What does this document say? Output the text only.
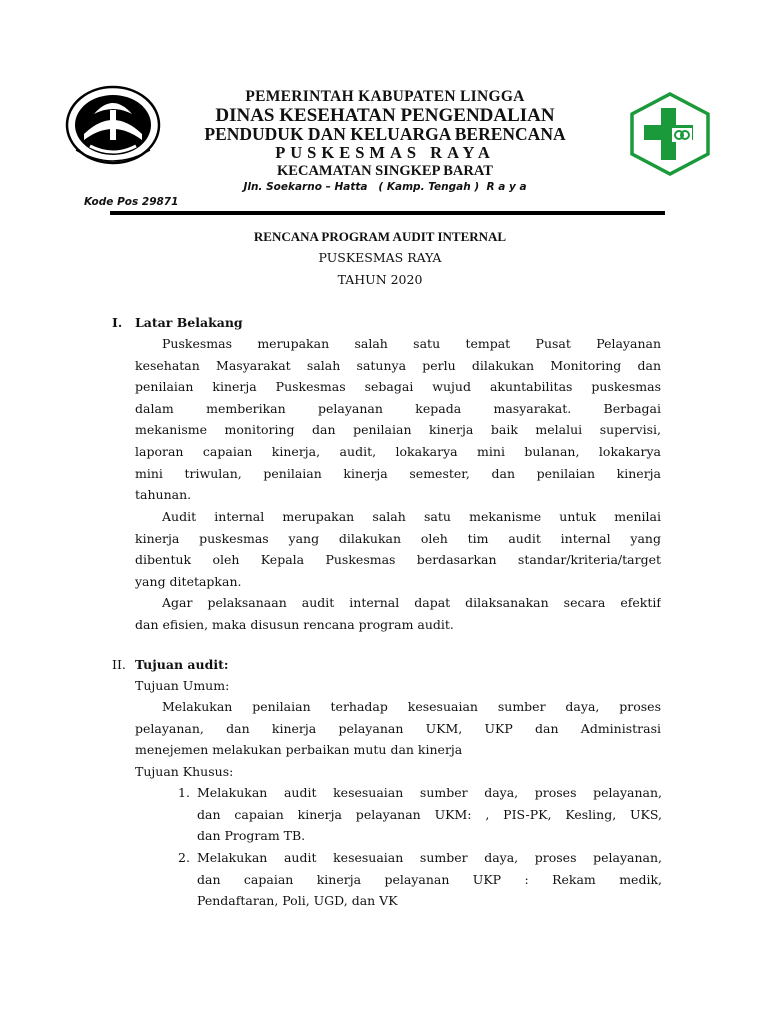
PEMERINTAH KABUPATEN LINGGA
DINAS KESEHATAN PENGENDALIAN
PENDUDUK DAN KELUARGA BERENCANA
PUSKESMAS RAYA
KECAMATAN SINGKEP BARAT
Jln. Soekarno – Hatta   ( Kamp. Tengah )  R a y a
Kode Pos 29871
RENCANA PROGRAM AUDIT INTERNAL
PUSKESMAS RAYA
TAHUN 2020
I. Latar Belakang
Puskesmas merupakan salah satu tempat Pusat Pelayanan
kesehatan Masyarakat salah satunya perlu dilakukan Monitoring dan
penilaian kinerja Puskesmas sebagai wujud akuntabilitas puskesmas
dalam memberikan pelayanan kepada masyarakat. Berbagai
mekanisme monitoring dan penilaian kinerja baik melalui supervisi,
laporan capaian kinerja, audit, lokakarya mini bulanan, lokakarya
mini triwulan, penilaian kinerja semester, dan penilaian kinerja
tahunan.
Audit internal merupakan salah satu mekanisme untuk menilai
kinerja puskesmas yang dilakukan oleh tim audit internal yang
dibentuk oleh Kepala Puskesmas berdasarkan standar/kriteria/target
yang ditetapkan.
Agar pelaksanaan audit internal dapat dilaksanakan secara efektif
dan efisien, maka disusun rencana program audit.
II. Tujuan audit:
Tujuan Umum:
Melakukan penilaian terhadap kesesuaian sumber daya, proses
pelayanan, dan kinerja pelayanan UKM, UKP dan Administrasi
menejemen melakukan perbaikan mutu dan kinerja
Tujuan Khusus:
1. Melakukan audit kesesuaian sumber daya, proses pelayanan,
dan capaian kinerja pelayanan UKM: , PIS-PK, Kesling, UKS,
dan Program TB.
2. Melakukan audit kesesuaian sumber daya, proses pelayanan,
dan capaian kinerja pelayanan UKP : Rekam medik,
Pendaftaran, Poli, UGD, dan VK
